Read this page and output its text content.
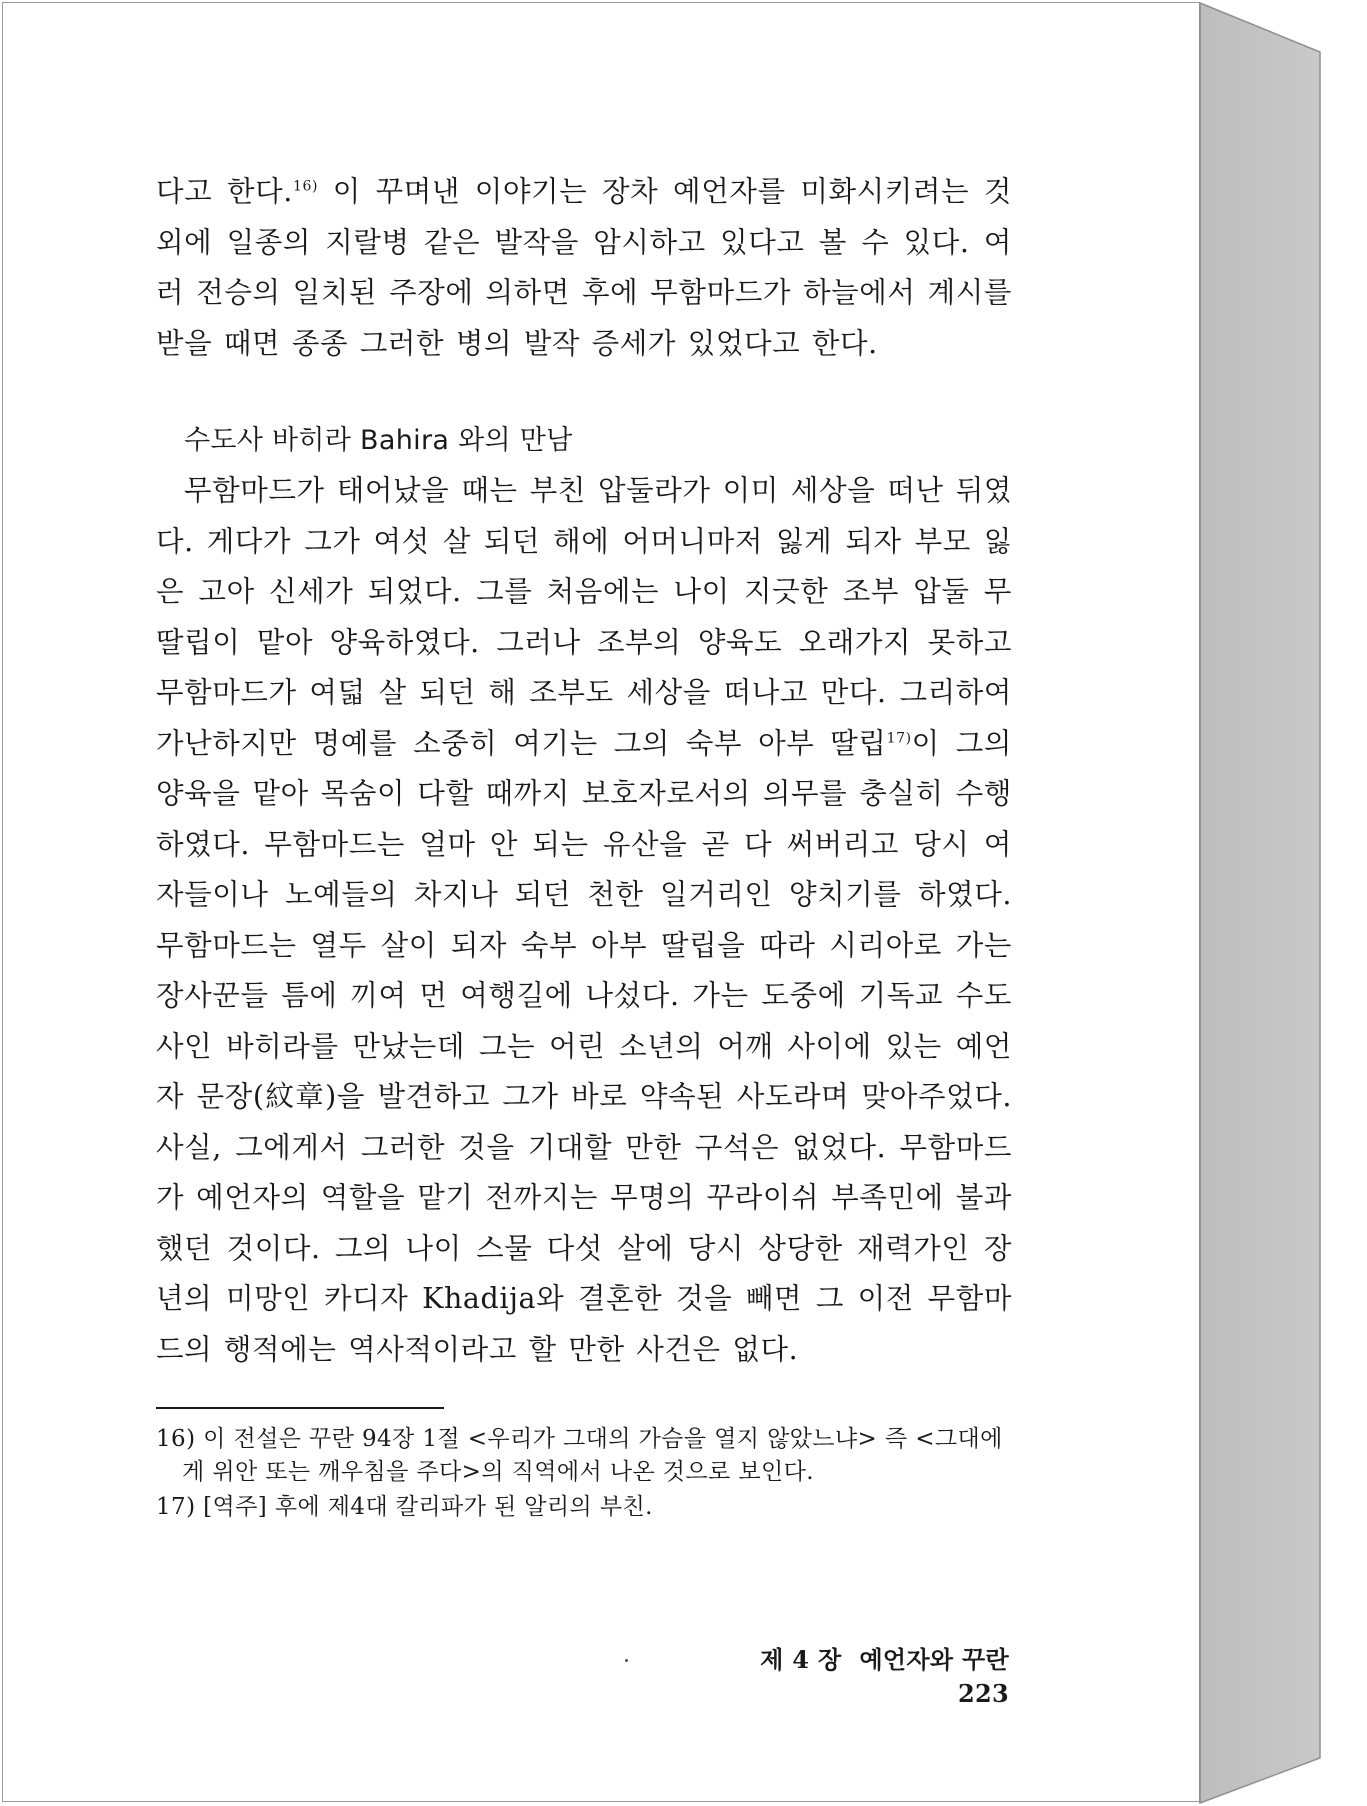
다고 한다.$^{16)}$ 이 꾸며낸 이야기는 장차 예언자를 미화시키려는 것외에 일종의 지랄병 같은 발작을 암시하고 있다고 볼 수 있다. 여러 전승의 일치된 주장에 의하면 후에 무함마드가 하늘에서 계시를 받을 때면 종종 그러한 병의 발작 증세가 있었다고 한다.

수도사 바히라 Bahira 와의 만남

무함마드가 태어났을 때는 부친 압둘라가 이미 세상을 떠난 뒤였다. 게다가 그가 여섯 살 되던 해에 어머니마저 잃게 되자 부모 잃은 고아 신세가 되었다. 그를 처음에는 나이 지긋한 조부 압둘 무딸립이 맡아 양육하였다. 그러나 조부의 양육도 오래가지 못하고 무함마드가 여덟 살 되던 해 조부도 세상을 떠나고 만다. 그리하여 가난하지만 명예를 소중히 여기는 그의 숙부 아부 딸립$^{17)}$이 그의 양육을 맡아 목숨이 다할 때까지 보호자로서의 의무를 충실히 수행하였다. 무함마드는 얼마 안 되는 유산을 곧 다 써버리고 당시 여자들이나 노예들의 차지나 되던 천한 일거리인 양치기를 하였다. 무함마드는 열두 살이 되자 숙부 아부 딸립을 따라 시리아로 가는 장사꾼들 틈에 끼여 먼 여행길에 나섰다. 가는 도중에 기독교 수도사인 바히라를 만났는데 그는 어린 소년의 어깨 사이에 있는 예언자 문장(紋章)을 발견하고 그가 바로 약속된 사도라며 맞아주었다. 사실, 그에게서 그러한 것을 기대할 만한 구석은 없었다. 무함마드가 예언자의 역할을 맡기 전까지는 무명의 꾸라이쉬 부족민에 불과했던 것이다. 그의 나이 스물 다섯 살에 당시 상당한 재력가인 장년의 미망인 카디자 Khadija와 결혼한 것을 빼면 그 이전 무함마드의 행적에는 역사적이라고 할 만한 사건은 없다.

16) 이 전설은 꾸란 94장 1절 <우리가 그대의 가슴을 열지 않았느냐> 즉 <그대에게 위안 또는 깨우침을 주다>의 직역에서 나온 것으로 보인다.

17) [역주] 후에 제4대 칼리파가 된 알리의 부친.

제 4 장 예언자와 꾸란223
